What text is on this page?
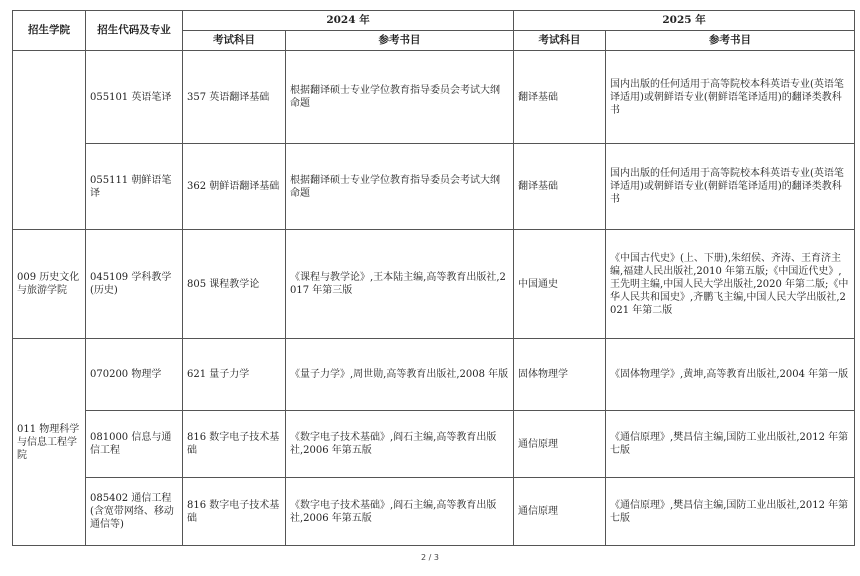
招生学院	招生代码及专业	2024 年		2025 年	
		考试科目	参考书目	考试科目	参考书目
	055101 英语笔译	357 英语翻译基础	根据翻译硕士专业学位教育指导委员会考试大纲命题	翻译基础	国内出版的任何适用于高等院校本科英语专业(英语笔译适用)或朝鲜语专业(朝鲜语笔译适用)的翻译类教科书
	055111 朝鲜语笔译	362 朝鲜语翻译基础	根据翻译硕士专业学位教育指导委员会考试大纲命题	翻译基础	国内出版的任何适用于高等院校本科英语专业(英语笔译适用)或朝鲜语专业(朝鲜语笔译适用)的翻译类教科书
009 历史文化与旅游学院	045109 学科教学(历史)	805 课程教学论	《课程与教学论》,王本陆主编,高等教育出版社,2017 年第三版	中国通史	《中国古代史》(上、下册),朱绍侯、齐涛、王育济主编,福建人民出版社,2010 年第五版;《中国近代史》,王先明主编,中国人民大学出版社,2020 年第二版;《中华人民共和国史》,齐鹏飞主编,中国人民大学出版社,2021 年第二版
011 物理科学与信息工程学院	070200 物理学	621 量子力学	《量子力学》,周世勋,高等教育出版社,2008 年版	固体物理学	《固体物理学》,黄坤,高等教育出版社,2004 年第一版
	081000 信息与通信工程	816 数字电子技术基础	《数字电子技术基础》,阎石主编,高等教育出版社,2006 年第五版	通信原理	《通信原理》,樊昌信主编,国防工业出版社,2012 年第七版
	085402 通信工程(含宽带网络、移动通信等)	816 数字电子技术基础	《数字电子技术基础》,阎石主编,高等教育出版社,2006 年第五版	通信原理	《通信原理》,樊昌信主编,国防工业出版社,2012 年第七版
2 / 3
